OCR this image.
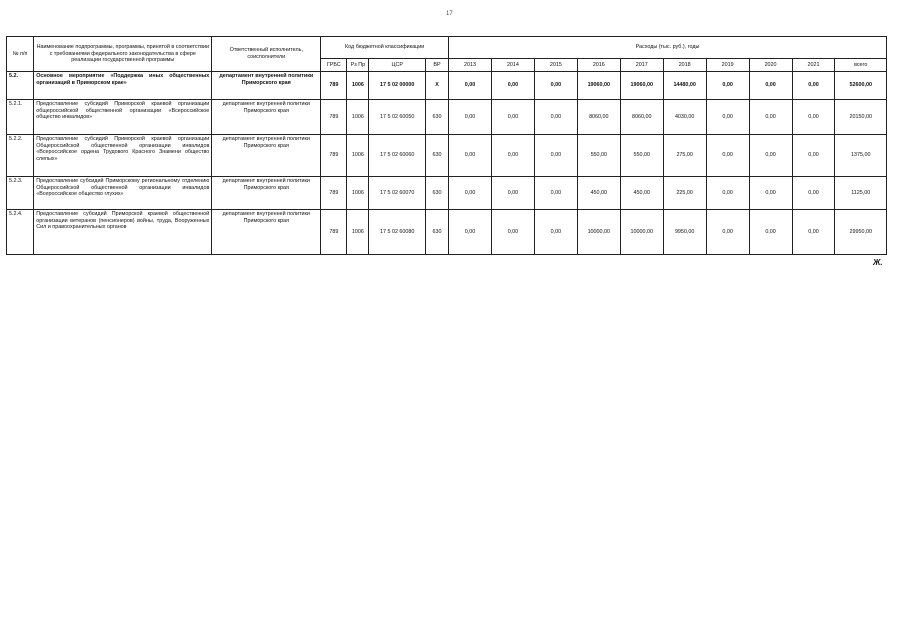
17
№ п/п	Наименование подпрограммы, программы, принятой в соответствии с требованиями федерального законодательства в сфере реализации государственной программы	Ответственный исполнитель, соисполнители	Код бюджетной классификации				Расходы (тыс. руб.), годы									
			ГРБС	Рз Пр	ЦСР	ВР	2013	2014	2015	2016	2017	2018	2019	2020	2021	всего
5.2.	Основное мероприятие «Поддержка иных общественных организаций в Приморском крае»	департамент внутренней политики Приморского края	789	1006	17 5 02 00000	Х	0,00	0,00	0,00	19060,00	19060,00	14480,00	0,00	0,00	0,00	52600,00
5.2.1.	Предоставление субсидий Приморской краевой организации общероссийской общественной организации «Всероссийское общество инвалидов»	департамент внутренней политики Приморского края	789	1006	17 5 02 60050	630	0,00	0,00	0,00	8060,00	8060,00	4030,00	0,00	0,00	0,00	20150,00
5.2.2.	Предоставление субсидий Приморской краевой организации Общероссийской общественной организации инвалидов «Всероссийское ордена Трудового Красного Знамени общество слепых»	департамент внутренней политики Приморского края	789	1006	17 5 02 60060	630	0,00	0,00	0,00	550,00	550,00	275,00	0,00	0,00	0,00	1375,00
5.2.3.	Предоставление субсидий Приморскому региональному отделению Общероссийской общественной организации инвалидов «Всероссийское общество глухих»	департамент внутренней политики Приморского края	789	1006	17 5 02 60070	630	0,00	0,00	0,00	450,00	450,00	225,00	0,00	0,00	0,00	1125,00
5.2.4.	Предоставление субсидий Приморской краевой общественной организации ветеранов (пенсионеров) войны, труда, Вооруженных Сил и правоохранительных органов	департамент внутренней политики Приморского края	789	1006	17 5 02 60080	630	0,00	0,00	0,00	10000,00	10000,00	9950,00	0,00	0,00	0,00	29950,00
Ж.
